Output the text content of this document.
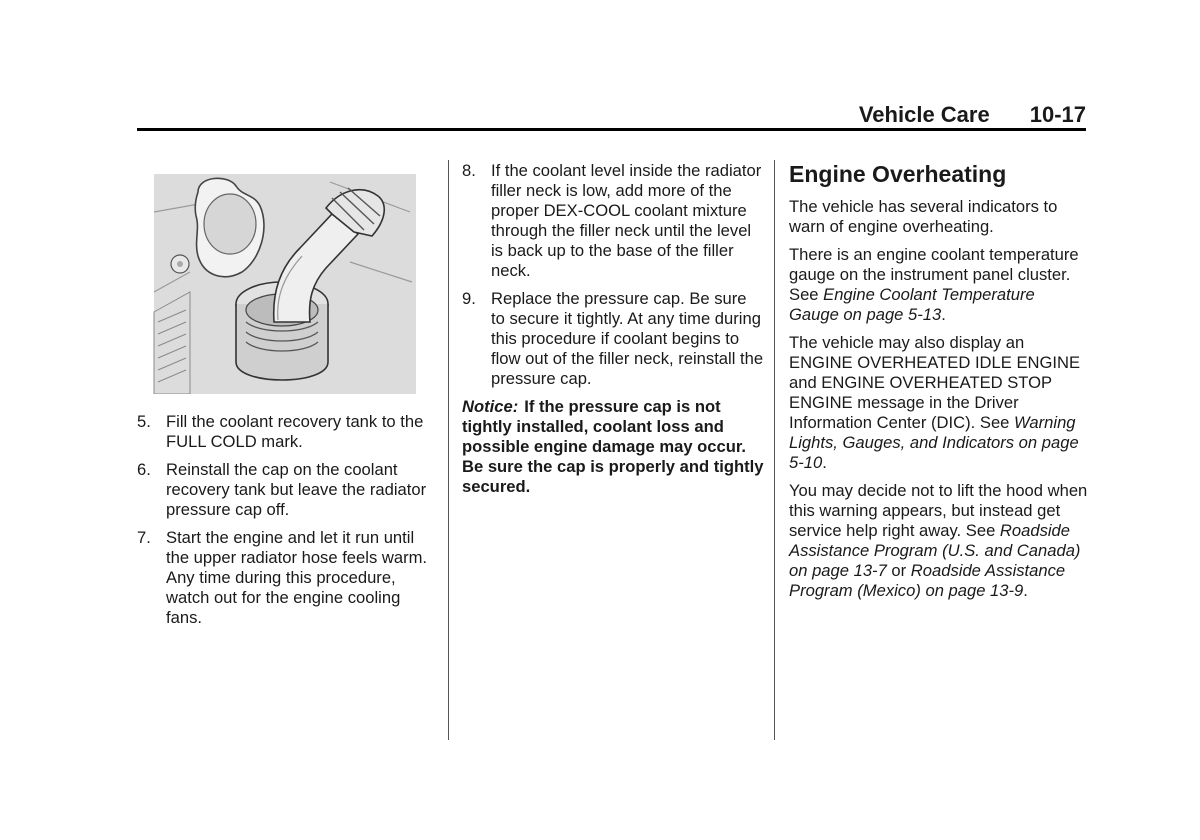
Vehicle Care 10-17
5. Fill the coolant recovery tank to the FULL COLD mark.
6. Reinstall the cap on the coolant recovery tank but leave the radiator pressure cap off.
7. Start the engine and let it run until the upper radiator hose feels warm. Any time during this procedure, watch out for the engine cooling fans.
8. If the coolant level inside the radiator filler neck is low, add more of the proper DEX-COOL coolant mixture through the filler neck until the level is back up to the base of the filler neck.
9. Replace the pressure cap. Be sure to secure it tightly. At any time during this procedure if coolant begins to flow out of the filler neck, reinstall the pressure cap.
Notice: If the pressure cap is not tightly installed, coolant loss and possible engine damage may occur. Be sure the cap is properly and tightly secured.
Engine Overheating

The vehicle has several indicators to warn of engine overheating.

There is an engine coolant temperature gauge on the instrument panel cluster. See Engine Coolant Temperature Gauge on page 5-13.

The vehicle may also display an ENGINE OVERHEATED IDLE ENGINE and ENGINE OVERHEATED STOP ENGINE message in the Driver Information Center (DIC). See Warning Lights, Gauges, and Indicators on page 5-10.

You may decide not to lift the hood when this warning appears, but instead get service help right away. See Roadside Assistance Program (U.S. and Canada) on page 13-7 or Roadside Assistance Program (Mexico) on page 13-9.
